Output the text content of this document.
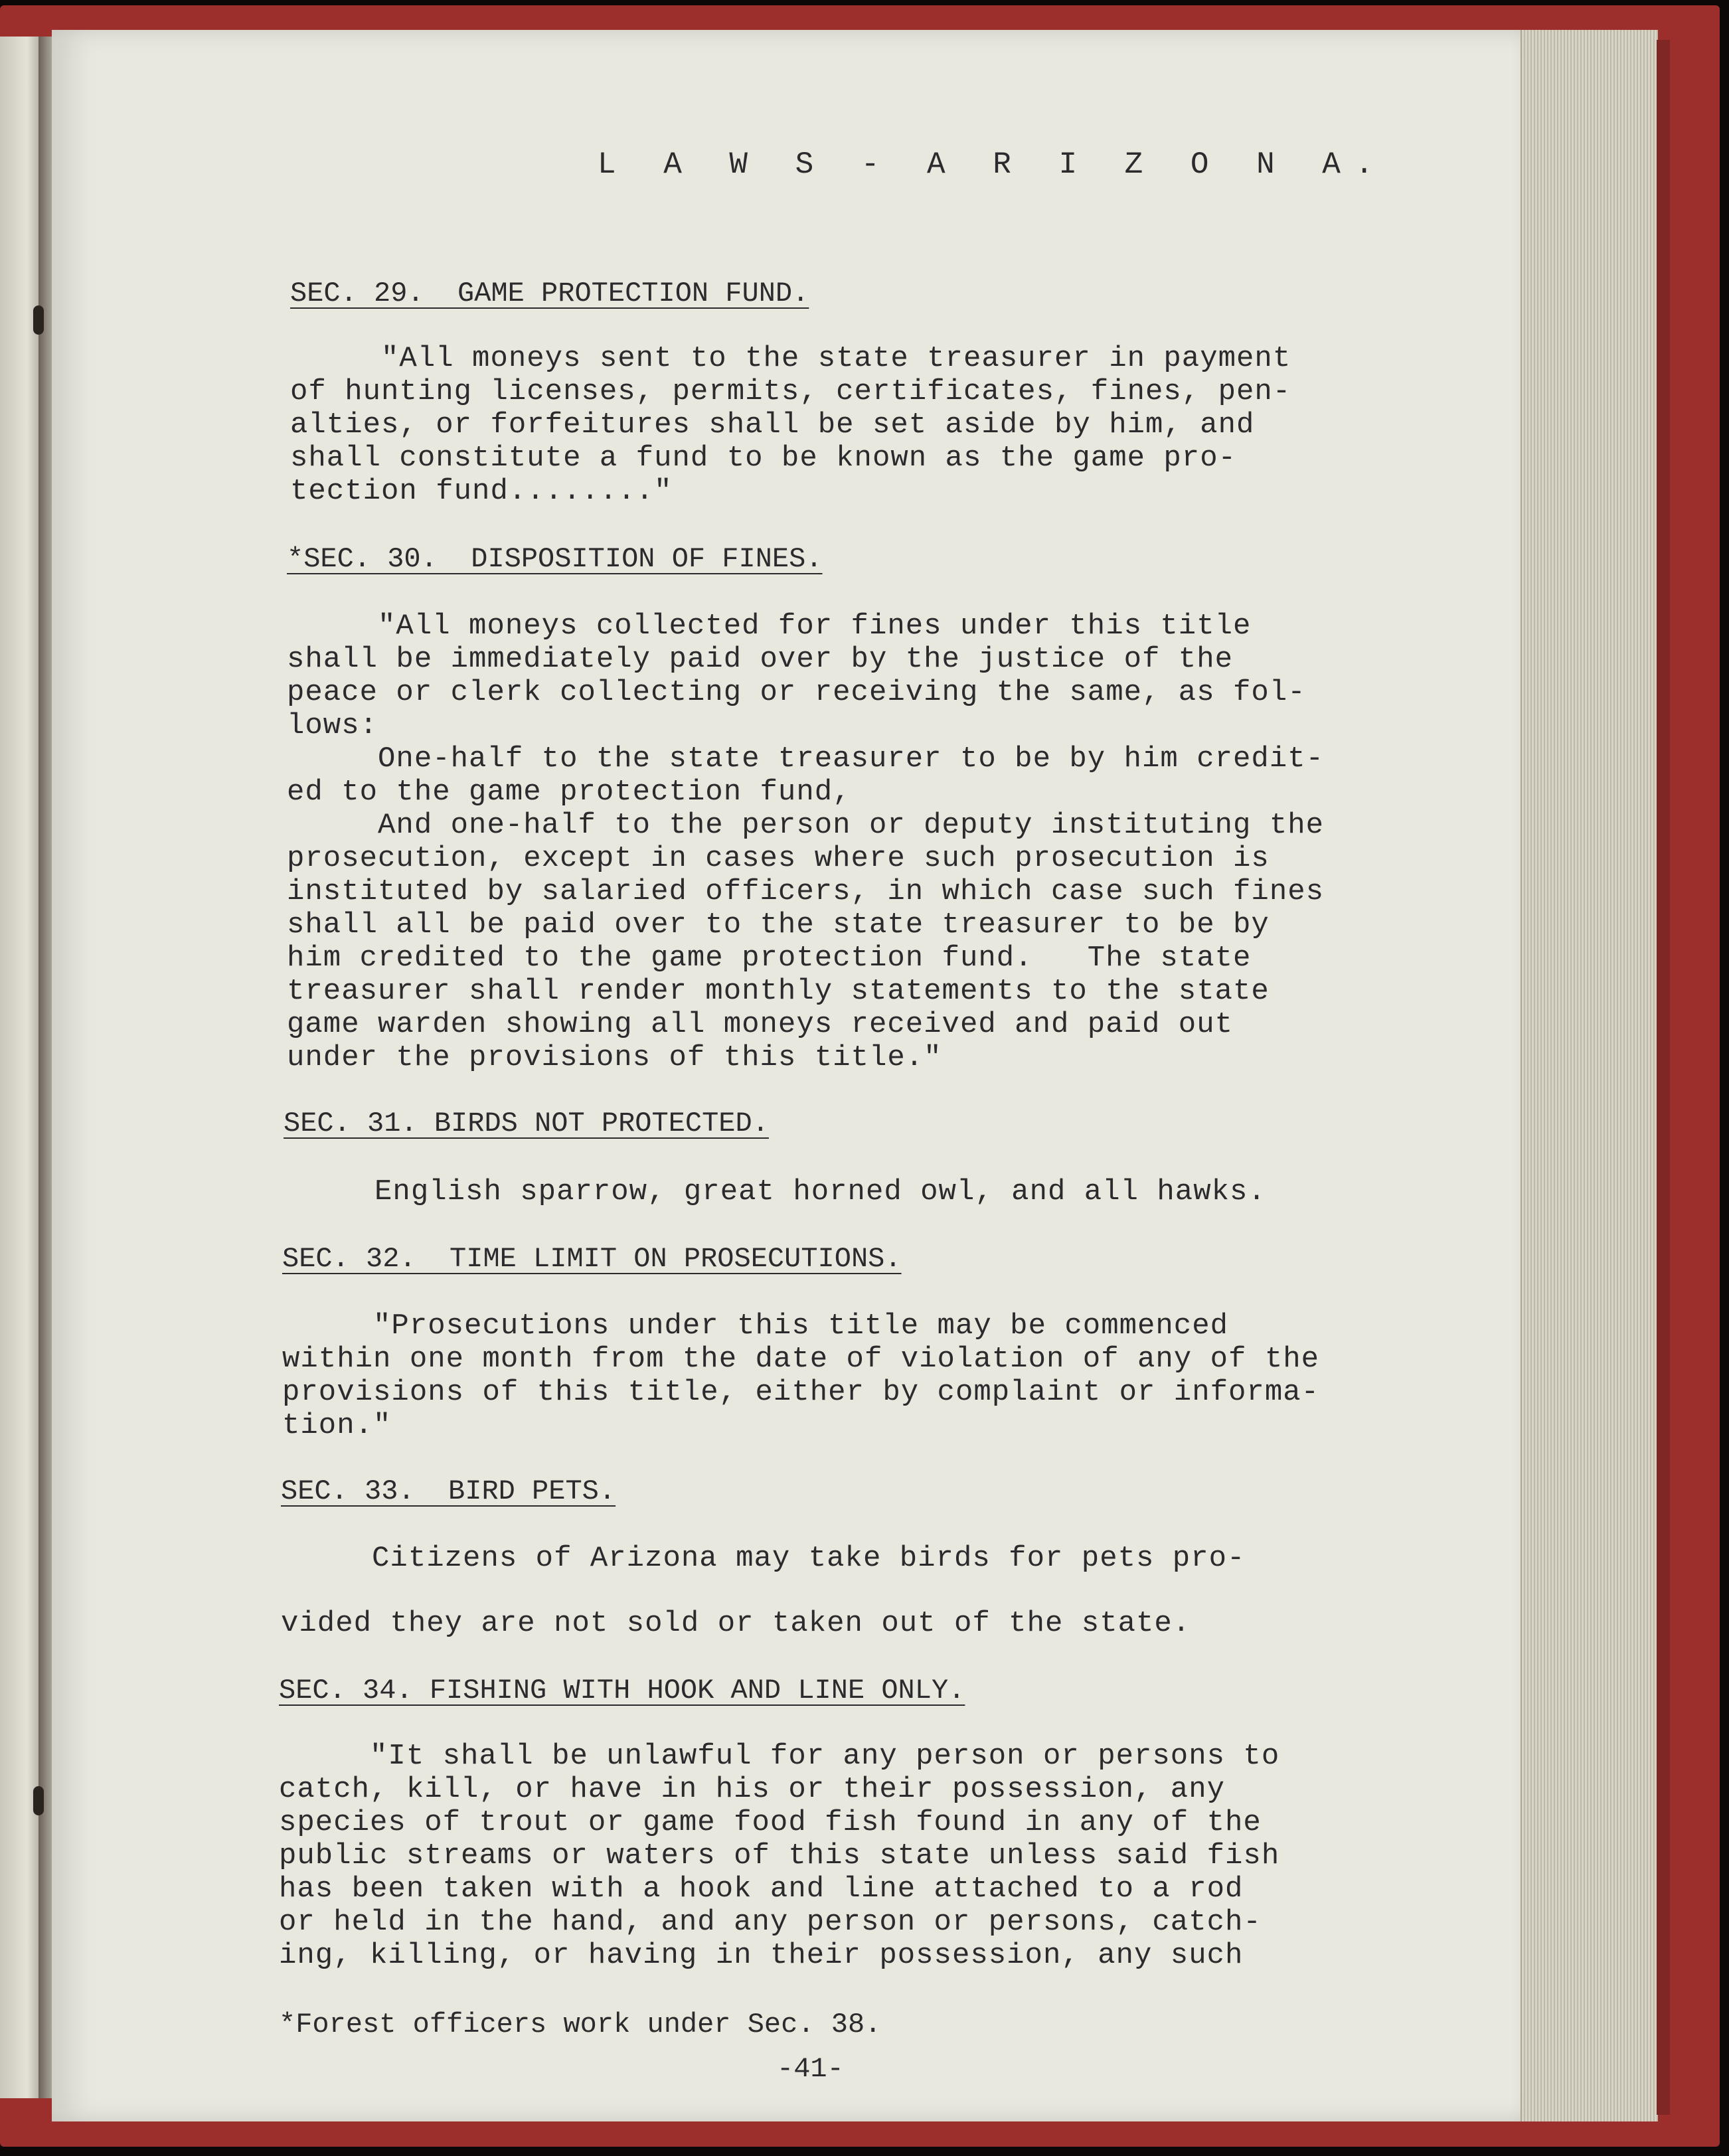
L A W S - A R I Z O N A.
SEC. 29.  GAME PROTECTION FUND.
"All moneys sent to the state treasurer in payment
of hunting licenses, permits, certificates, fines, pen-
alties, or forfeitures shall be set aside by him, and
shall constitute a fund to be known as the game pro-
tection fund........"
*SEC. 30.  DISPOSITION OF FINES.
"All moneys collected for fines under this title
shall be immediately paid over by the justice of the
peace or clerk collecting or receiving the same, as fol-
lows:
One-half to the state treasurer to be by him credit-
ed to the game protection fund,
And one-half to the person or deputy instituting the
prosecution, except in cases where such prosecution is
instituted by salaried officers, in which case such fines
shall all be paid over to the state treasurer to be by
him credited to the game protection fund.   The state
treasurer shall render monthly statements to the state
game warden showing all moneys received and paid out
under the provisions of this title."
SEC. 31. BIRDS NOT PROTECTED.
English sparrow, great horned owl, and all hawks.
SEC. 32.  TIME LIMIT ON PROSECUTIONS.
"Prosecutions under this title may be commenced
within one month from the date of violation of any of the
provisions of this title, either by complaint or informa-
tion."
SEC. 33.  BIRD PETS.
Citizens of Arizona may take birds for pets pro-
vided they are not sold or taken out of the state.
SEC. 34. FISHING WITH HOOK AND LINE ONLY.
"It shall be unlawful for any person or persons to
catch, kill, or have in his or their possession, any
species of trout or game food fish found in any of the
public streams or waters of this state unless said fish
has been taken with a hook and line attached to a rod
or held in the hand, and any person or persons, catch-
ing, killing, or having in their possession, any such
*Forest officers work under Sec. 38.
-41-
